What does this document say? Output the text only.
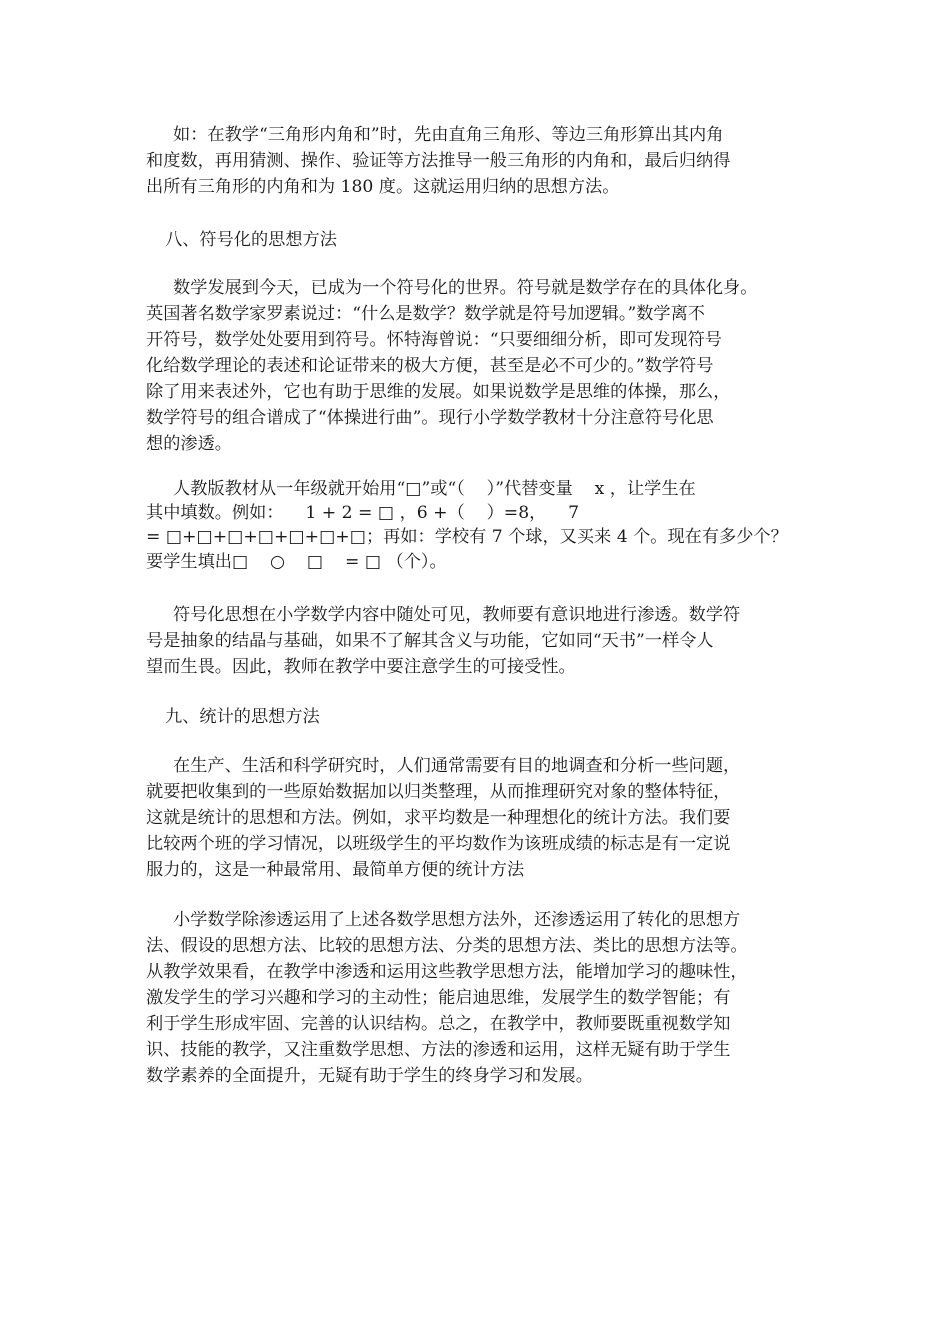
如：在教学“三角形内角和”时，先由直角三角形、等边三角形算出其内角
和度数，再用猜测、操作、验证等方法推导一般三角形的内角和，最后归纳得
出所有三角形的内角和为 180 度。这就运用归纳的思想方法。
八、符号化的思想方法
数学发展到今天，已成为一个符号化的世界。符号就是数学存在的具体化身。
英国著名数学家罗素说过：“什么是数学？数学就是符号加逻辑。”数学离不
开符号，数学处处要用到符号。怀特海曾说：“只要细细分析，即可发现符号
化给数学理论的表述和论证带来的极大方便，甚至是必不可少的。”数学符号
除了用来表述外，它也有助于思维的发展。如果说数学是思维的体操，那么，
数学符号的组合谱成了“体操进行曲”。现行小学数学教材十分注意符号化思
想的渗透。
人教版教材从一年级就开始用“□”或“（    ）”代替变量    x ，让学生在
其中填数。例如：    1 + 2 = □ ，6 +（    ）=8，    7
= □+□+□+□+□+□+□；再如：学校有 7 个球，又买来 4 个。现在有多少个？
要学生填出□    ○    □    = □ （个）。
符号化思想在小学数学内容中随处可见，教师要有意识地进行渗透。数学符
号是抽象的结晶与基础，如果不了解其含义与功能，它如同“天书”一样令人
望而生畏。因此，教师在教学中要注意学生的可接受性。
九、统计的思想方法
在生产、生活和科学研究时，人们通常需要有目的地调查和分析一些问题，
就要把收集到的一些原始数据加以归类整理，从而推理研究对象的整体特征，
这就是统计的思想和方法。例如，求平均数是一种理想化的统计方法。我们要
比较两个班的学习情况，以班级学生的平均数作为该班成绩的标志是有一定说
服力的，这是一种最常用、最简单方便的统计方法
小学数学除渗透运用了上述各数学思想方法外，还渗透运用了转化的思想方
法、假设的思想方法、比较的思想方法、分类的思想方法、类比的思想方法等。
从教学效果看，在教学中渗透和运用这些教学思想方法，能增加学习的趣味性，
激发学生的学习兴趣和学习的主动性；能启迪思维，发展学生的数学智能；有
利于学生形成牢固、完善的认识结构。总之，在教学中，教师要既重视数学知
识、技能的教学，又注重数学思想、方法的渗透和运用，这样无疑有助于学生
数学素养的全面提升，无疑有助于学生的终身学习和发展。
